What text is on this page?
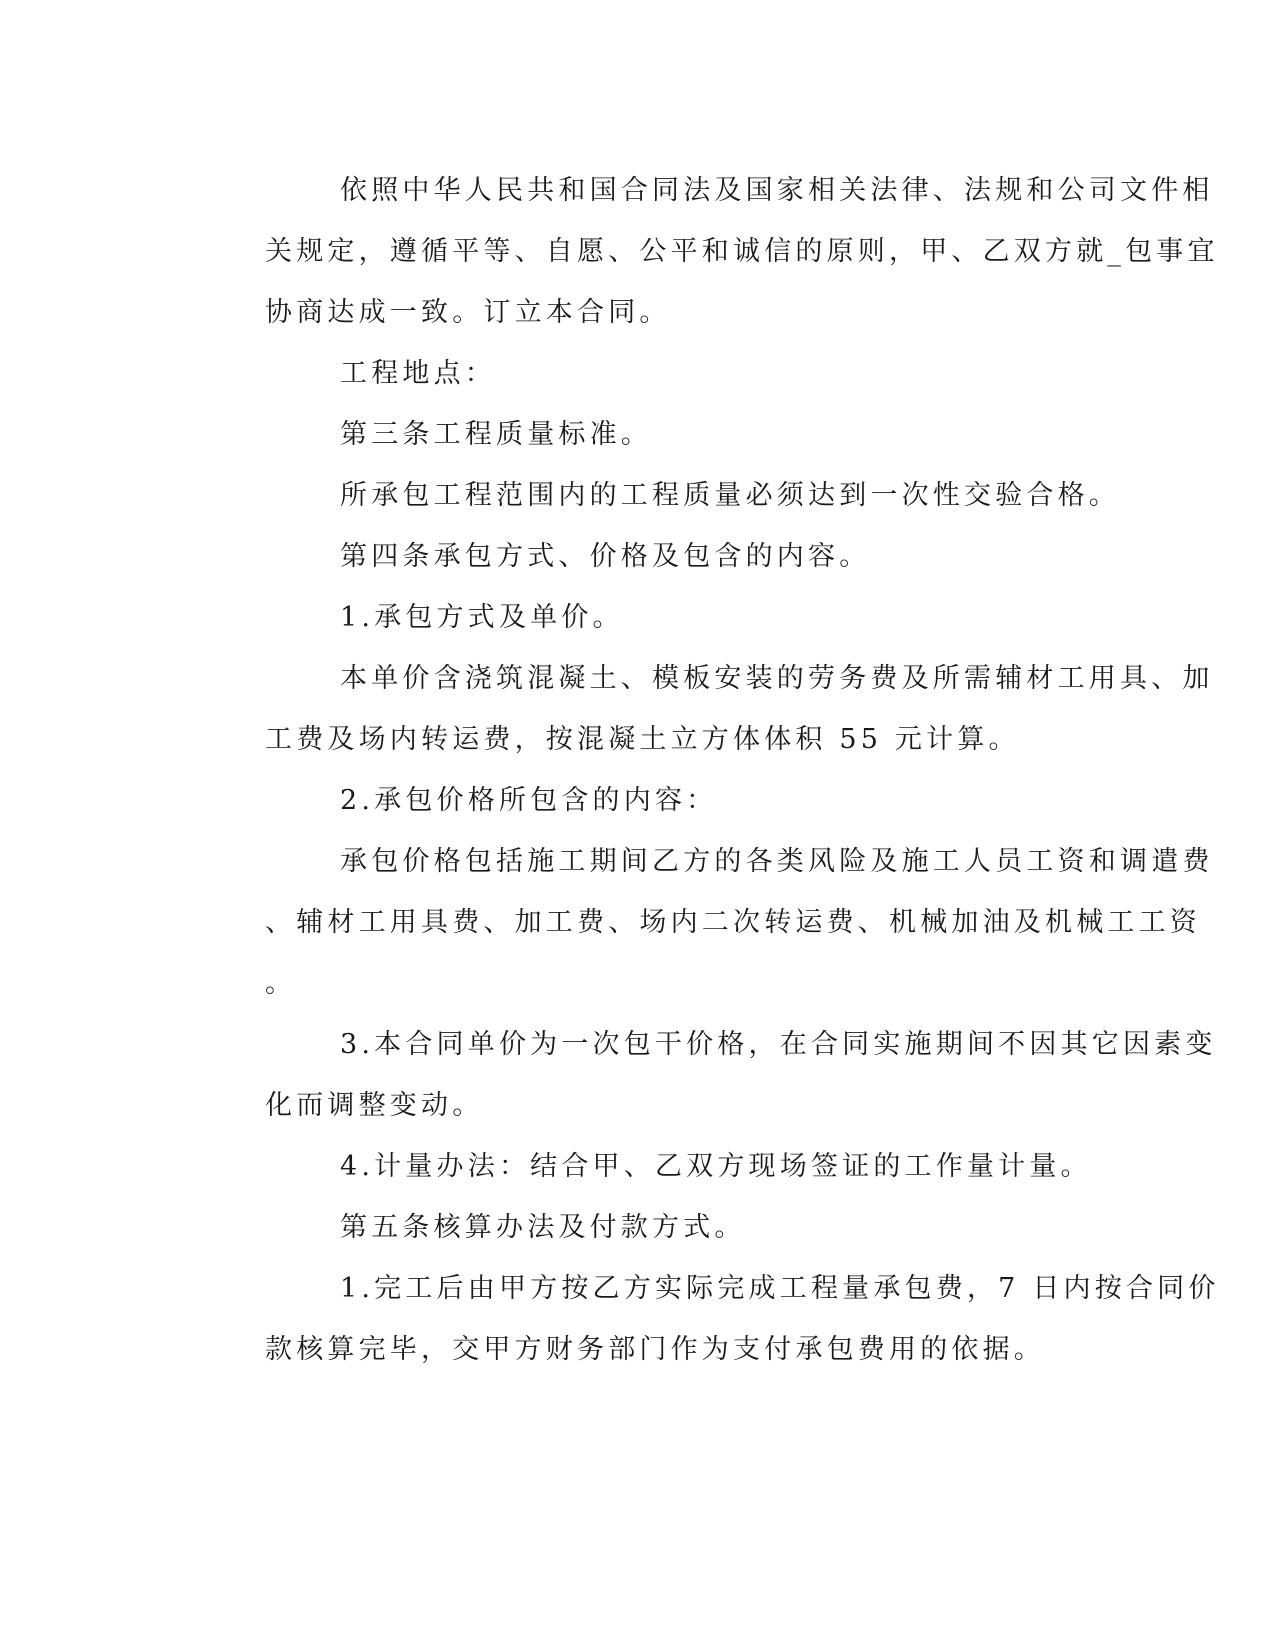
依照中华人民共和国合同法及国家相关法律、法规和公司文件相
关规定，遵循平等、自愿、公平和诚信的原则，甲、乙双方就_包事宜
协商达成一致。订立本合同。
工程地点：
第三条工程质量标准。
所承包工程范围内的工程质量必须达到一次性交验合格。
第四条承包方式、价格及包含的内容。
1.承包方式及单价。
本单价含浇筑混凝土、模板安装的劳务费及所需辅材工用具、加
工费及场内转运费，按混凝土立方体体积 55 元计算。
2.承包价格所包含的内容：
承包价格包括施工期间乙方的各类风险及施工人员工资和调遣费
、辅材工用具费、加工费、场内二次转运费、机械加油及机械工工资
。
3.本合同单价为一次包干价格，在合同实施期间不因其它因素变
化而调整变动。
4.计量办法：结合甲、乙双方现场签证的工作量计量。
第五条核算办法及付款方式。
1.完工后由甲方按乙方实际完成工程量承包费，7 日内按合同价
款核算完毕，交甲方财务部门作为支付承包费用的依据。
